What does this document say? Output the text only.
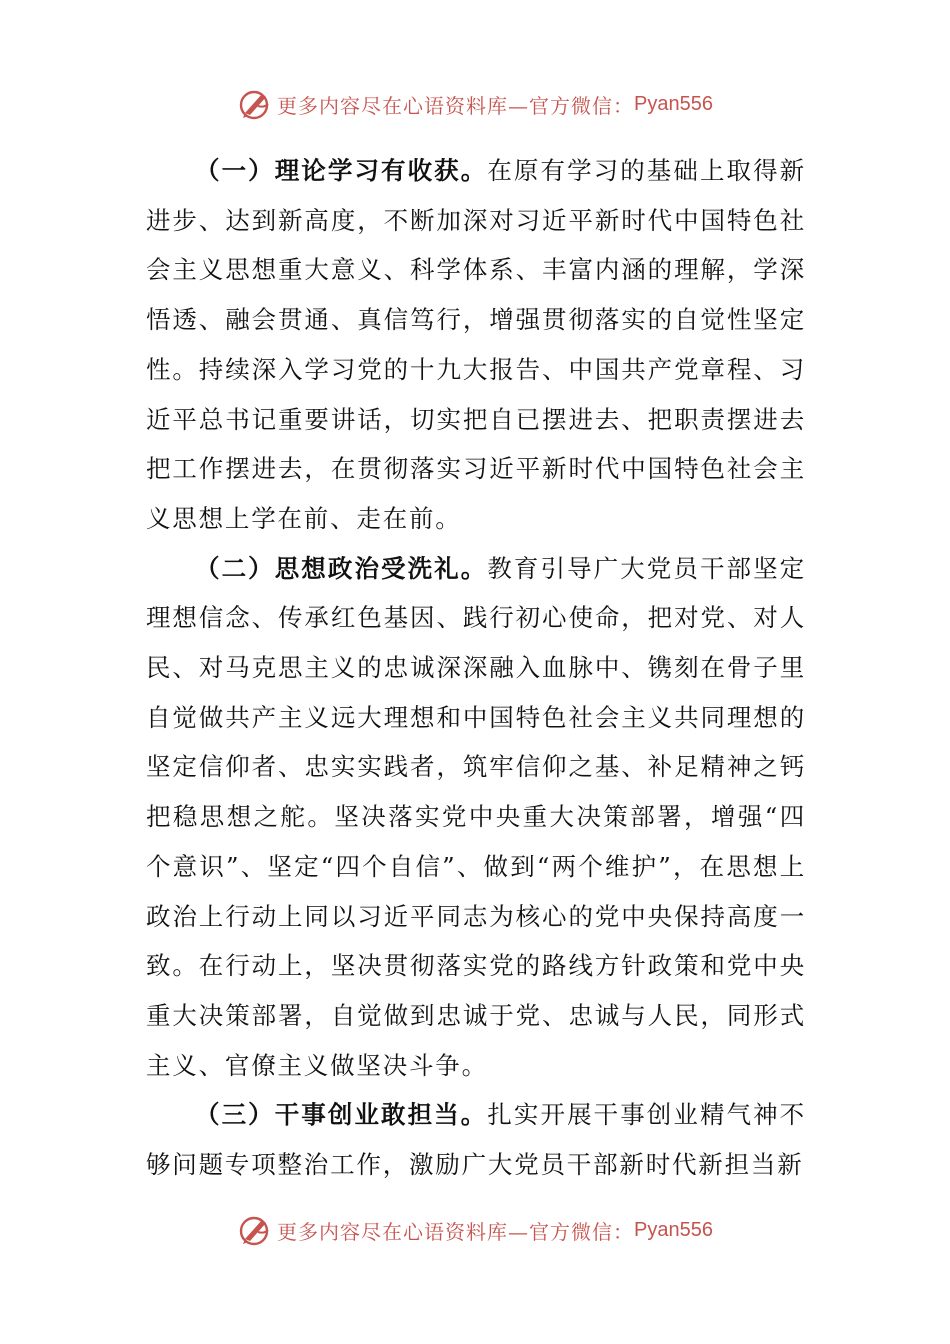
更多内容尽在心语资料库—官方微信： Pyan556

（一）理论学习有收获。在原有学习的基础上取得新进步、达到新高度，不断加深对习近平新时代中国特色社会主义思想重大意义、科学体系、丰富内涵的理解，学深悟透、融会贯通、真信笃行，增强贯彻落实的自觉性坚定性。持续深入学习党的十九大报告、中国共产党章程、习近平总书记重要讲话，切实把自已摆进去、把职责摆进去把工作摆进去，在贯彻落实习近平新时代中国特色社会主义思想上学在前、走在前。

（二）思想政治受洗礼。教育引导广大党员干部坚定理想信念、传承红色基因、践行初心使命，把对党、对人民、对马克思主义的忠诚深深融入血脉中、镌刻在骨子里自觉做共产主义远大理想和中国特色社会主义共同理想的坚定信仰者、忠实实践者，筑牢信仰之基、补足精神之钙把稳思想之舵。坚决落实党中央重大决策部署，增强“四个意识”、坚定“四个自信”、做到“两个维护”，在思想上政治上行动上同以习近平同志为核心的党中央保持高度一致。在行动上，坚决贯彻落实党的路线方针政策和党中央重大决策部署，自觉做到忠诚于党、忠诚与人民，同形式主义、官僚主义做坚决斗争。

（三）干事创业敢担当。扎实开展干事创业精气神不够问题专项整治工作，激励广大党员干部新时代新担当新

更多内容尽在心语资料库—官方微信： Pyan556
